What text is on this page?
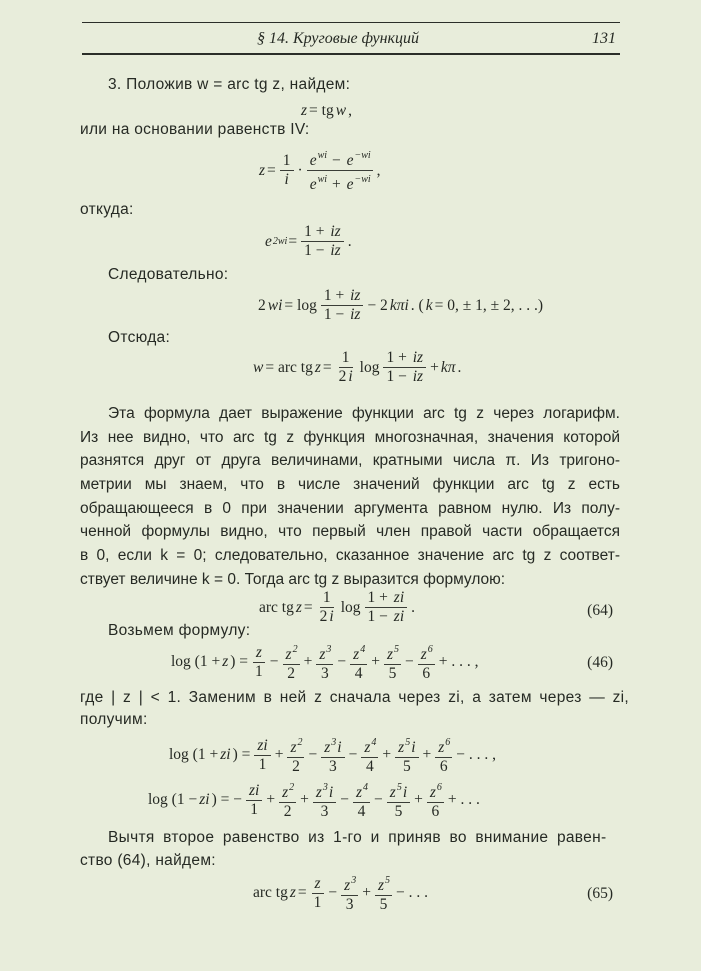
§ 14. Круговые функций	131
3. Положив w = arc tg z, найдем:
z = tg w ,
или на основании равенств IV:
$z = \frac{1}{i} \cdot \frac{e^{wi} - e^{-wi}}{e^{wi} + e^{-wi}}$ ,
откуда:
e $2wi = \frac{1 + iz}{1 - iz}$ .
Следовательно:
2 wi = $\log \frac{1 + iz}{1 - iz} - 2$ kπi . ( k = 0, ± 1, ± 2, . . .)
Отсюда:
w = arc tg $z = \frac{1}{2 i}$ $\log \frac{1 + iz}{1 - iz} + k\pi$ .
Эта формула дает выражение функции arc tg z через логарифм.
Из нее видно, что arc tg z функция многозначная, значения которой
разнятся друг от друга величинами, кратными числа π. Из тригоно-
метрии мы знаем, что в числе значений функции arc tg z есть
обращающееся в 0 при значении аргумента равном нулю. Из полу-
ченной формулы видно, что первый член правой части обращается
в 0, если k = 0; следовательно, сказанное значение arc tg z соответ-
ствует величине k = 0. Тогда arc tg z выразится формулою:
arc tg $z = \frac{1}{2 i}$ $\log \frac{1 + zi}{1 - zi}$ .	(64)
Возьмем формулу:
log (1 + z ) = $\frac{z}{1} - \frac{z^2}{2} + \frac{z^3}{3} - \frac{z^4}{4} + \frac{z^5}{5} - \frac{z^6}{6}$ + . . . ,	(46)
где | z | < 1. Заменим в ней z сначала через zi, а затем через — zi,
получим:
log (1 + zi ) = $\frac{zi}{1} + \frac{z^2}{2} - \frac{z^3i}{3} - \frac{z^4}{4} + \frac{z^5i}{5} + \frac{z^6}{6}$ − . . . ,
log (1 − zi ) = − $\frac{zi}{1} + \frac{z^2}{2} + \frac{z^3i}{3} - \frac{z^4}{4} - \frac{z^5i}{5} + \frac{z^6}{6}$ + . . .
Вычтя второе равенство из 1-го и приняв во внимание равен-
ство (64), найдем:
arc tg $z = \frac{z}{1} - \frac{z^3}{3} + \frac{z^5}{5}$ − . . .	(65)
